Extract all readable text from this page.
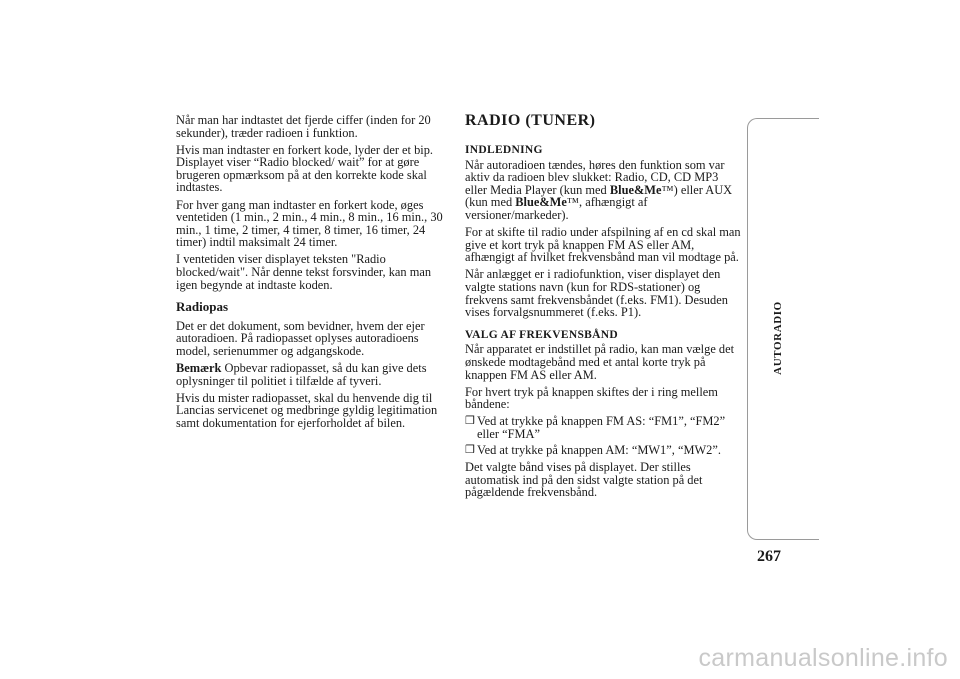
Når man har indtastet det fjerde ciffer (inden for 20 sekunder), træder radioen i funktion.

Hvis man indtaster en forkert kode, lyder der et bip. Displayet viser “Radio blocked/ wait” for at gøre brugeren opmærksom på at den korrekte kode skal indtastes.

For hver gang man indtaster en forkert kode, øges ventetiden (1 min., 2 min., 4 min., 8 min., 16 min., 30 min., 1 time, 2 timer, 4 timer, 8 timer, 16 timer, 24 timer) indtil maksimalt 24 timer.

I ventetiden viser displayet teksten "Radio blocked/wait". Når denne tekst forsvinder, kan man igen begynde at indtaste koden.

Radiopas

Det er det dokument, som bevidner, hvem der ejer autoradioen. På radiopasset oplyses autoradioens model, serienummer og adgangskode.

Bemærk Opbevar radiopasset, så du kan give dets oplysninger til politiet i tilfælde af tyveri.

Hvis du mister radiopasset, skal du henvende dig til Lancias servicenet og medbringe gyldig legitimation samt dokumentation for ejerforholdet af bilen.

RADIO (TUNER)
INDLEDNING

Når autoradioen tændes, høres den funktion som var aktiv da radioen blev slukket: Radio, CD, CD MP3 eller Media Player (kun med Blue&Me™) eller AUX (kun med Blue&Me™, afhængigt af versioner/markeder).

For at skifte til radio under afspilning af en cd skal man give et kort tryk på knappen FM AS eller AM, afhængigt af hvilket frekvensbånd man vil modtage på.

Når anlægget er i radiofunktion, viser displayet den valgte stations navn (kun for RDS-stationer) og frekvens samt frekvensbåndet (f.eks. FM1). Desuden vises forvalgsnummeret (f.eks. P1).

VALG AF FREKVENSBÅND

Når apparatet er indstillet på radio, kan man vælge det ønskede modtagebånd med et antal korte tryk på knappen FM AS eller AM.

For hvert tryk på knappen skiftes der i ring mellem båndene:

❒ Ved at trykke på knappen FM AS: “FM1”, “FM2” eller “FMA”
❒ Ved at trykke på knappen AM: “MW1”, “MW2”.

Det valgte bånd vises på displayet. Der stilles automatisk ind på den sidst valgte station på det pågældende frekvensbånd.

AUTORADIO
267
carmanualsonline.info
